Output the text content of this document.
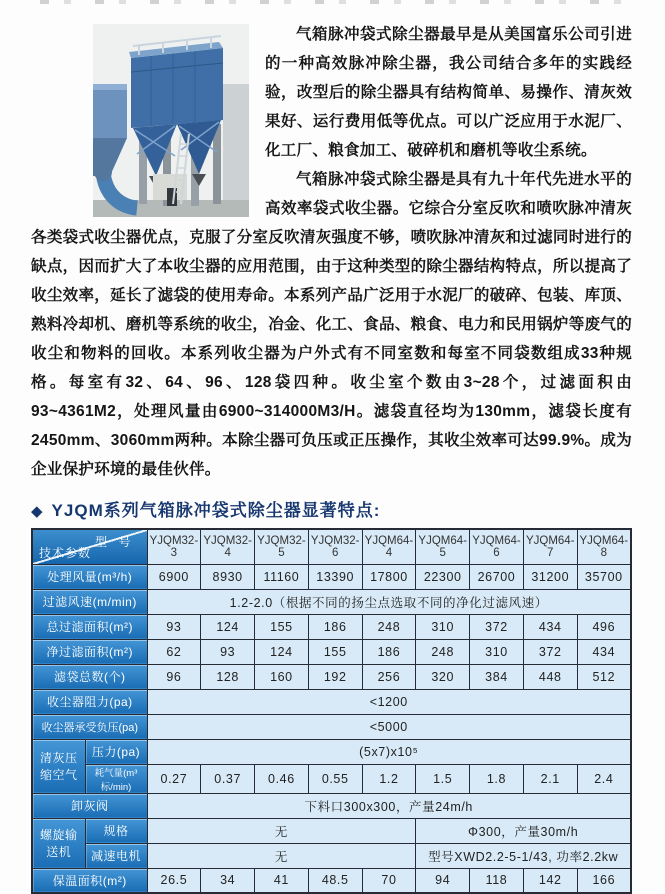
气箱脉冲袋式除尘器最早是从美国富乐公司引进的一种高效脉冲除尘器，我公司结合多年的实践经验，改型后的除尘器具有结构简单、易操作、清灰效果好、运行费用低等优点。可以广泛应用于水泥厂、化工厂、粮食加工、破碎机和磨机等收尘系统。

气箱脉冲袋式除尘器是具有九十年代先进水平的高效率袋式收尘器。它综合分室反吹和喷吹脉冲清灰各类袋式收尘器优点，克服了分室反吹清灰强度不够，喷吹脉冲清灰和过滤同时进行的缺点，因而扩大了本收尘器的应用范围，由于这种类型的除尘器结构特点，所以提高了收尘效率，延长了滤袋的使用寿命。本系列产品广泛用于水泥厂的破碎、包装、库顶、熟料冷却机、磨机等系统的收尘，冶金、化工、食品、粮食、电力和民用锅炉等废气的收尘和物料的回收。本系列收尘器为户外式有不同室数和每室不同袋数组成33种规格。每室有32、64、96、128袋四种。收尘室个数由3~28个，过滤面积由93~4361M2，处理风量由6900~314000M3/H。滤袋直径均为130mm，滤袋长度有2450mm、3060mm两种。本除尘器可负压或正压操作，其收尘效率可达99.9%。成为企业保护环境的最佳伙伴。

◆ YJQM系列气箱脉冲袋式除尘器显著特点:
型 号
技术参数		YJQM32-3	YJQM32-4	YJQM32-5	YJQM32-6	YJQM64-4	YJQM64-5	YJQM64-6	YJQM64-7	YJQM64-8
处理风量(m³/h)		6900	8930	11160	13390	17800	22300	26700	31200	35700
过滤风速(m/min)		1.2-2.0（根据不同的扬尘点选取不同的净化过滤风速）								
总过滤面积(m²)		93	124	155	186	248	310	372	434	496
净过滤面积(m²)		62	93	124	155	186	248	310	372	434
滤袋总数(个)		96	128	160	192	256	320	384	448	512
收尘器阻力(pa)		<1200								
收尘器承受负压(pa)		<5000								
清灰压缩空气	压力(pa)	(5x7)x10⁵								
	耗气量(m³标/min)	0.27	0.37	0.46	0.55	1.2	1.5	1.8	2.1	2.4
卸灰阀		下料口300x300，产量24m/h								
螺旋输送机	规格	无					Φ300，产量30m/h			
	减速电机	无					型号XWD2.2-5-1/43, 功率2.2kw			
保温面积(m²)		26.5	34	41	48.5	70	94	118	142	166
